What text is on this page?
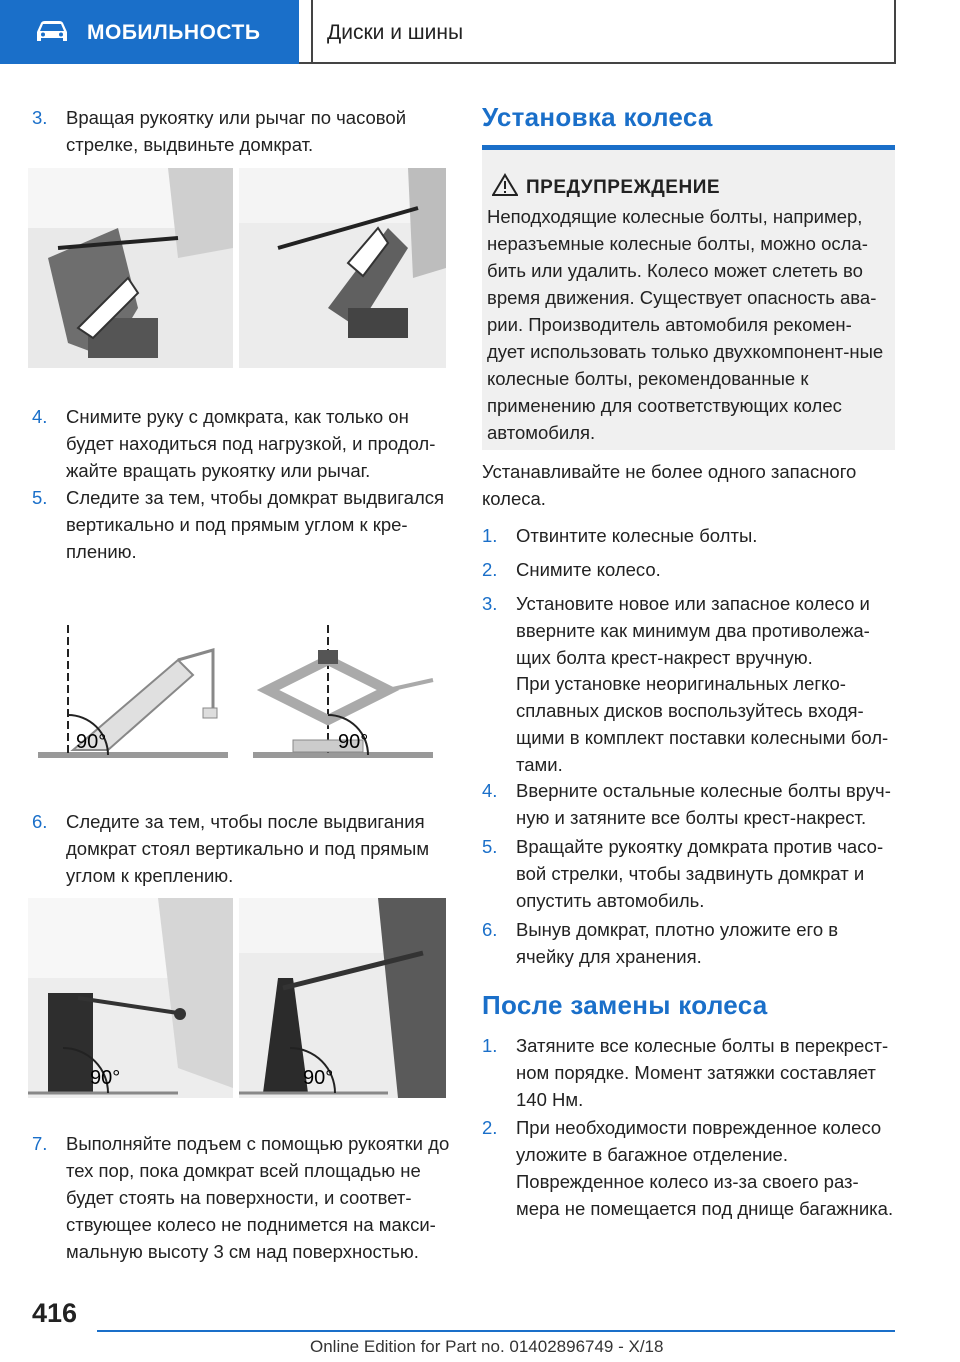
МОБИЛЬНОСТЬ	Диски и шины
3. Вращая рукоятку или рычаг по часовой стрелке, выдвиньте домкрат.
4. Снимите руку с домкрата, как только он будет находиться под нагрузкой, и продол-жайте вращать рукоятку или рычаг.
5. Следите за тем, чтобы домкрат выдвигался вертикально и под прямым углом к кре-плению.
90°	90°
6. Следите за тем, чтобы после выдвигания домкрат стоял вертикально и под прямым углом к креплению.
90°	90°
7. Выполняйте подъем с помощью рукоятки до тех пор, пока домкрат всей площадью не будет стоять на поверхности, и соответ-ствующее колесо не поднимется на макси-мальную высоту 3 см над поверхностью.
Установка колеса
ПРЕДУПРЕЖДЕНИЕ
Неподходящие колесные болты, например, неразъемные колесные болты, можно осла-бить или удалить. Колесо может слететь во время движения. Существует опасность ава-рии. Производитель автомобиля рекомен-дует использовать только двухкомпонент-ные колесные болты, рекомендованные к применению для соответствующих колес автомобиля.
Устанавливайте не более одного запасного колеса.
1. Отвинтите колесные болты.
2. Снимите колесо.
3. Установите новое или запасное колесо и вверните как минимум два противолежа-щих болта крест-накрест вручную.
При установке неоригинальных легко-сплавных дисков воспользуйтесь входя-щими в комплект поставки колесными бол-тами.
4. Вверните остальные колесные болты вруч-ную и затяните все болты крест-накрест.
5. Вращайте рукоятку домкрата против часо-вой стрелки, чтобы задвинуть домкрат и опустить автомобиль.
6. Вынув домкрат, плотно уложите его в ячейку для хранения.
После замены колеса
1. Затяните все колесные болты в перекрест-ном порядке. Момент затяжки составляет 140 Нм.
2. При необходимости поврежденное колесо уложите в багажное отделение.
Поврежденное колесо из-за своего раз-мера не помещается под днище багажника.
416
Online Edition for Part no. 01402896749 - X/18
